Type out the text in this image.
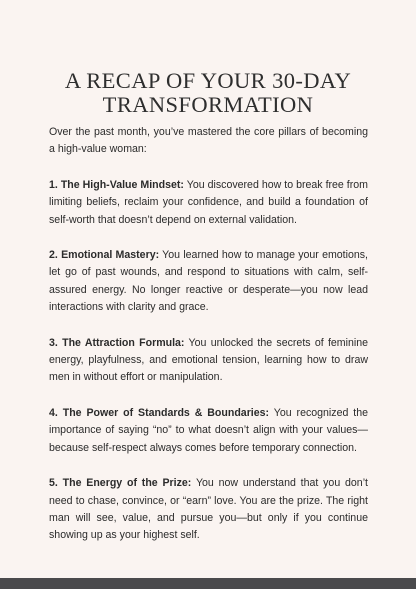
A RECAP OF YOUR 30-DAY
TRANSFORMATION

Over the past month, you’ve mastered the core pillars of becoming a high-value woman:

1. The High-Value Mindset: You discovered how to break free from limiting beliefs, reclaim your confidence, and build a foundation of self-worth that doesn’t depend on external validation.

2. Emotional Mastery: You learned how to manage your emotions, let go of past wounds, and respond to situations with calm, self-assured energy. No longer reactive or desperate—you now lead interactions with clarity and grace.

3. The Attraction Formula: You unlocked the secrets of feminine energy, playfulness, and emotional tension, learning how to draw men in without effort or manipulation.

4. The Power of Standards & Boundaries: You recognized the importance of saying “no” to what doesn’t align with your values—because self-respect always comes before temporary connection.

5. The Energy of the Prize: You now understand that you don’t need to chase, convince, or “earn” love. You are the prize. The right man will see, value, and pursue you—but only if you continue showing up as your highest self.
